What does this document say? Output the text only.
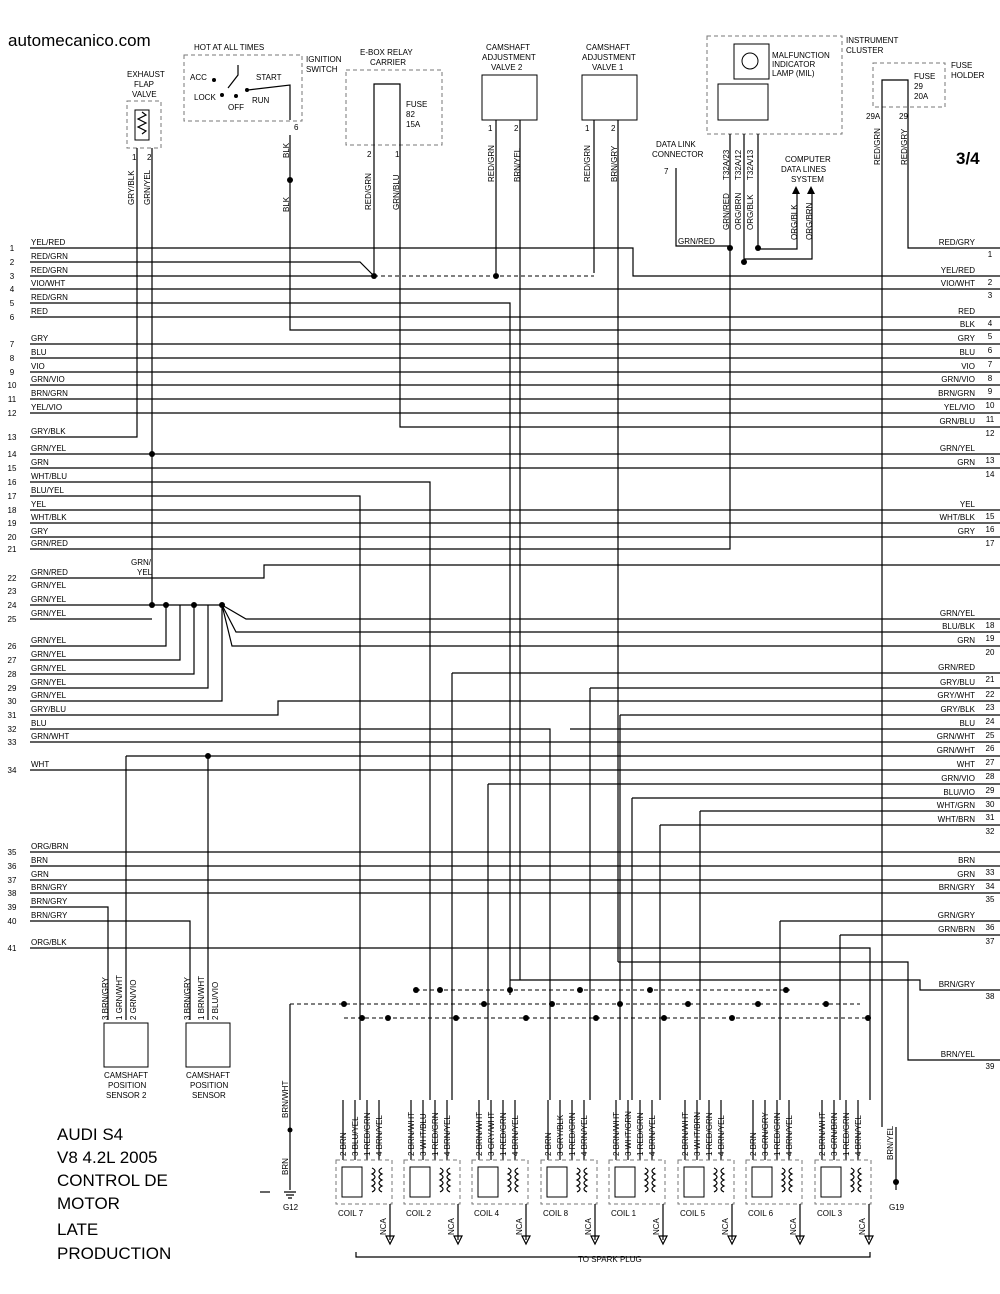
automecanico.com
3/4
AUDI S4
V8 4.2L 2005
CONTROL DE
MOTOR
LATE
PRODUCTION
EXHAUST
FLAP
VALVE
1 2
GRY/BLK GRN/YEL
HOT AT ALL TIMES
IGNITION
SWITCH
ACC
LOCK
OFF
START
RUN
6
BLK
BLK
E-BOX RELAY
CARRIER
FUSE
82
15A
2	1
RED/GRN GRN/BLU
CAMSHAFT
ADJUSTMENT
VALVE 2
1	2
RED/GRN BRN/YEL
CAMSHAFT
ADJUSTMENT
VALVE 1
1	2
RED/GRN BRN/GRY
INSTRUMENT
CLUSTER
MALFUNCTION
INDICATOR
LAMP (MIL)
T32A/23 T32A/12 T32A/13
GRN/RED ORG/BRN ORG/BLK
FUSE
HOLDER
FUSE
29
20A
29A 29
RED/GRN RED/GRY
DATA LINK
CONNECTOR
7
GRN/RED
COMPUTER
DATA LINES
SYSTEM
ORG/BLK ORG/BRN
GRN/
YEL
3 BRN/GRY 1 GRN/WHT 2 GRN/VIO
CAMSHAFT
POSITION
SENSOR 2
3 BRN/GRY 1 BRN/WHT 2 BLU/VIO
CAMSHAFT
POSITION
SENSOR	BRN/WHT
BRN
G12
BRN/YEL
G19
TO SPARK PLUG
1
YEL/RED
2
RED/GRN
3
RED/GRN
4
VIO/WHT
5
RED/GRN
6
RED
7
GRY
8
BLU
9
VIO
10
GRN/VIO
11
BRN/GRN
12
YEL/VIO
13
GRY/BLK
14
GRN/YEL
15
GRN
16
WHT/BLU
17
BLU/YEL
18
YEL
19
WHT/BLK
20
GRY
21
GRN/RED
22
GRN/RED
23
GRN/YEL
24
GRN/YEL
25
GRN/YEL
26
GRN/YEL
27
GRN/YEL
28
GRN/YEL
29
GRN/YEL
30
GRN/YEL
31
GRY/BLU
32
BLU
33
GRN/WHT
34
WHT
35
ORG/BRN
36
BRN
37
GRN
38
BRN/GRY
39
BRN/GRY
40
BRN/GRY
41
ORG/BLK
1
RED/GRY
2
YEL/RED
3
VIO/WHT
4
RED
5
BLK
6
GRY
7
BLU
8
VIO
9
GRN/VIO
10
BRN/GRN
11
YEL/VIO
12
GRN/BLU
13
GRN/YEL
14
GRN
15
YEL
16
WHT/BLK
17
GRY
18
GRN/YEL
19
BLU/BLK
20
GRN
21
GRN/RED
22
GRY/BLU
23
GRY/WHT
24
GRY/BLK
25
BLU
26
GRN/WHT
27
GRN/WHT
28
WHT
29
GRN/VIO
30
BLU/VIO
31
WHT/GRN
32
WHT/BRN
33
BRN
34
GRN
35
BRN/GRY
36
GRN/GRY
37
GRN/BRN
38
BRN/GRY
39
BRN/YEL
2 BRN 3 BLU/YEL 1 RED/GRN 4 BRN/YEL
COIL 7
NCA
2 BRN/WHT 3 WHT/BLU 1 RED/GRN 4 BRN/YEL
COIL 2
NCA
2 BRN/WHT 3 GRY/WHT 1 RED/GRN 4 BRN/YEL
COIL 4
NCA
2 BRN 3 GRY/BLK 1 RED/GRN 4 BRN/YEL
COIL 8
NCA
2 BRN/WHT 3 WHT/GRN 1 RED/GRN 4 BRN/YEL
COIL 1
NCA
2 BRN/WHT 3 WHT/BRN 1 RED/GRN 4 BRN/YEL
COIL 5
NCA
2 BRN 3 GRN/GRY 1 RED/GRN 4 BRN/YEL
COIL 6
NCA
2 BRN/WHT 3 GRN/BRN 1 RED/GRN 4 BRN/YEL
COIL 3
NCA
